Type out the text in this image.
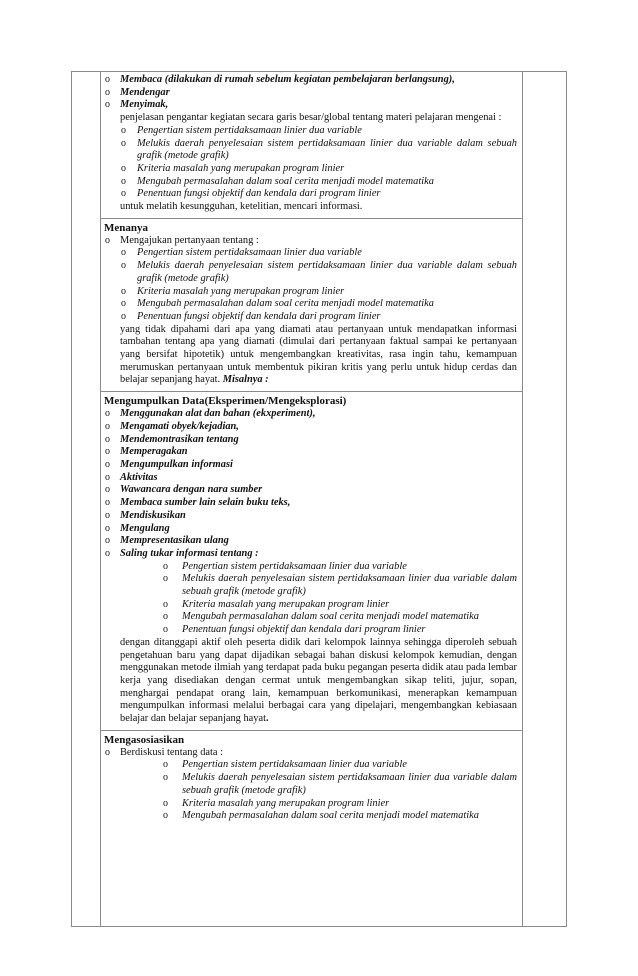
o Membaca (dilakukan di rumah sebelum kegiatan pembelajaran berlangsung),
o Mendengar
o Menyimak,
penjelasan pengantar kegiatan secara garis besar/global tentang materi pelajaran mengenai :
o Pengertian sistem pertidaksamaan linier dua variable
o Melukis daerah penyelesaian sistem pertidaksamaan linier dua variable dalam sebuah grafik (metode grafik)
o Kriteria masalah yang merupakan program linier
o Mengubah permasalahan dalam soal cerita menjadi model matematika
o Penentuan fungsi objektif dan kendala dari program linier
untuk melatih kesungguhan, ketelitian, mencari informasi.
Menanya
o Mengajukan pertanyaan tentang :
o Pengertian sistem pertidaksamaan linier dua variable
o Melukis daerah penyelesaian sistem pertidaksamaan linier dua variable dalam sebuah grafik (metode grafik)
o Kriteria masalah yang merupakan program linier
o Mengubah permasalahan dalam soal cerita menjadi model matematika
o Penentuan fungsi objektif dan kendala dari program linier
yang tidak dipahami dari apa yang diamati atau pertanyaan untuk mendapatkan informasi tambahan tentang apa yang diamati (dimulai dari pertanyaan faktual sampai ke pertanyaan yang bersifat hipotetik) untuk mengembangkan kreativitas, rasa ingin tahu, kemampuan merumuskan pertanyaan untuk membentuk pikiran kritis yang perlu untuk hidup cerdas dan belajar sepanjang hayat. Misalnya :
Mengumpulkan Data(Eksperimen/Mengeksplorasi)
o Menggunakan alat dan bahan (ekxperiment),
o Mengamati obyek/kejadian,
o Mendemontrasikan tentang
o Memperagakan
o Mengumpulkan informasi
o Aktivitas
o Wawancara dengan nara sumber
o Membaca sumber lain selain buku teks,
o Mendiskusikan
o Mengulang
o Mempresentasikan ulang
o Saling tukar informasi tentang :
o Pengertian sistem pertidaksamaan linier dua variable
o Melukis daerah penyelesaian sistem pertidaksamaan linier dua variable dalam sebuah grafik (metode grafik)
o Kriteria masalah yang merupakan program linier
o Mengubah permasalahan dalam soal cerita menjadi model matematika
o Penentuan fungsi objektif dan kendala dari program linier
dengan ditanggapi aktif oleh peserta didik dari kelompok lainnya sehingga diperoleh sebuah pengetahuan baru yang dapat dijadikan sebagai bahan diskusi kelompok kemudian, dengan menggunakan metode ilmiah yang terdapat pada buku pegangan peserta didik atau pada lembar kerja yang disediakan dengan cermat untuk mengembangkan sikap teliti, jujur, sopan, menghargai pendapat orang lain, kemampuan berkomunikasi, menerapkan kemampuan mengumpulkan informasi melalui berbagai cara yang dipelajari, mengembangkan kebiasaan belajar dan belajar sepanjang hayat.
Mengasosiasikan
o Berdiskusi tentang data :
o Pengertian sistem pertidaksamaan linier dua variable
o Melukis daerah penyelesaian sistem pertidaksamaan linier dua variable dalam sebuah grafik (metode grafik)
o Kriteria masalah yang merupakan program linier
o Mengubah permasalahan dalam soal cerita menjadi model matematika
